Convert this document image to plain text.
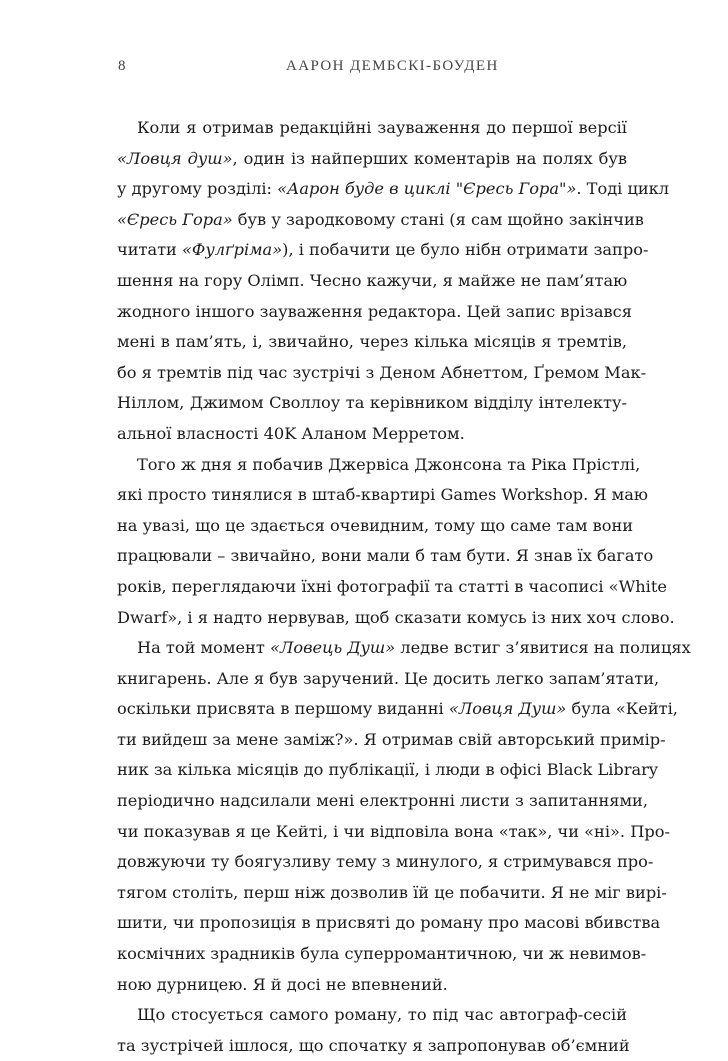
8	ААРОН ДЕМБСКІ-БОУДЕН
Коли я отримав редакційні зауваження до першої версії
«Ловця душ», один із найперших коментарів на полях був
у другому розділі: «Аарон буде в циклі "Єресь Гора"». Тоді цикл
«Єресь Гора» був у зародковому стані (я сам щойно закінчив
читати «Фулґріма»), і побачити це було нібн отримати запро-
шення на гору Олімп. Чесно кажучи, я майже не пам’ятаю
жодного іншого зауваження редактора. Цей запис врізався
мені в пам’ять, і, звичайно, через кілька місяців я тремтів,
бо я тремтів під час зустрічі з Деном Абнеттом, Ґремом Мак-
Ніллом, Джимом Своллоу та керівником відділу інтелекту-
альної власності 40K Аланом Мерретом.
Того ж дня я побачив Джервіса Джонсона та Ріка Прістлі,
які просто тинялися в штаб-квартирі Games Workshop. Я маю
на увазі, що це здається очевидним, тому що саме там вони
працювали – звичайно, вони мали б там бути. Я знав їх багато
років, переглядаючи їхні фотографії та статті в часописі «White
Dwarf», і я надто нервував, щоб сказати комусь із них хоч слово.
На той момент «Ловець Душ» ледве встиг з’явитися на полицях
книгарень. Але я був заручений. Це досить легко запам’ятати,
оскільки присвята в першому виданні «Ловця Душ» була «Кейті,
ти вийдеш за мене заміж?». Я отримав свій авторський примір-
ник за кілька місяців до публікації, і люди в офісі Black Library
періодично надсилали мені електронні листи з запитаннями,
чи показував я це Кейті, і чи відповіла вона «так», чи «ні». Про-
довжуючи ту боягузливу тему з минулого, я стримувався про-
тягом століть, перш ніж дозволив їй це побачити. Я не міг вирі-
шити, чи пропозиція в присвяті до роману про масові вбивства
космічних зрадників була суперромантичною, чи ж невимов-
ною дурницею. Я й досі не впевнений.
Що стосується самого роману, то під час автограф-сесій
та зустрічей ішлося, що спочатку я запропонував об’ємний
